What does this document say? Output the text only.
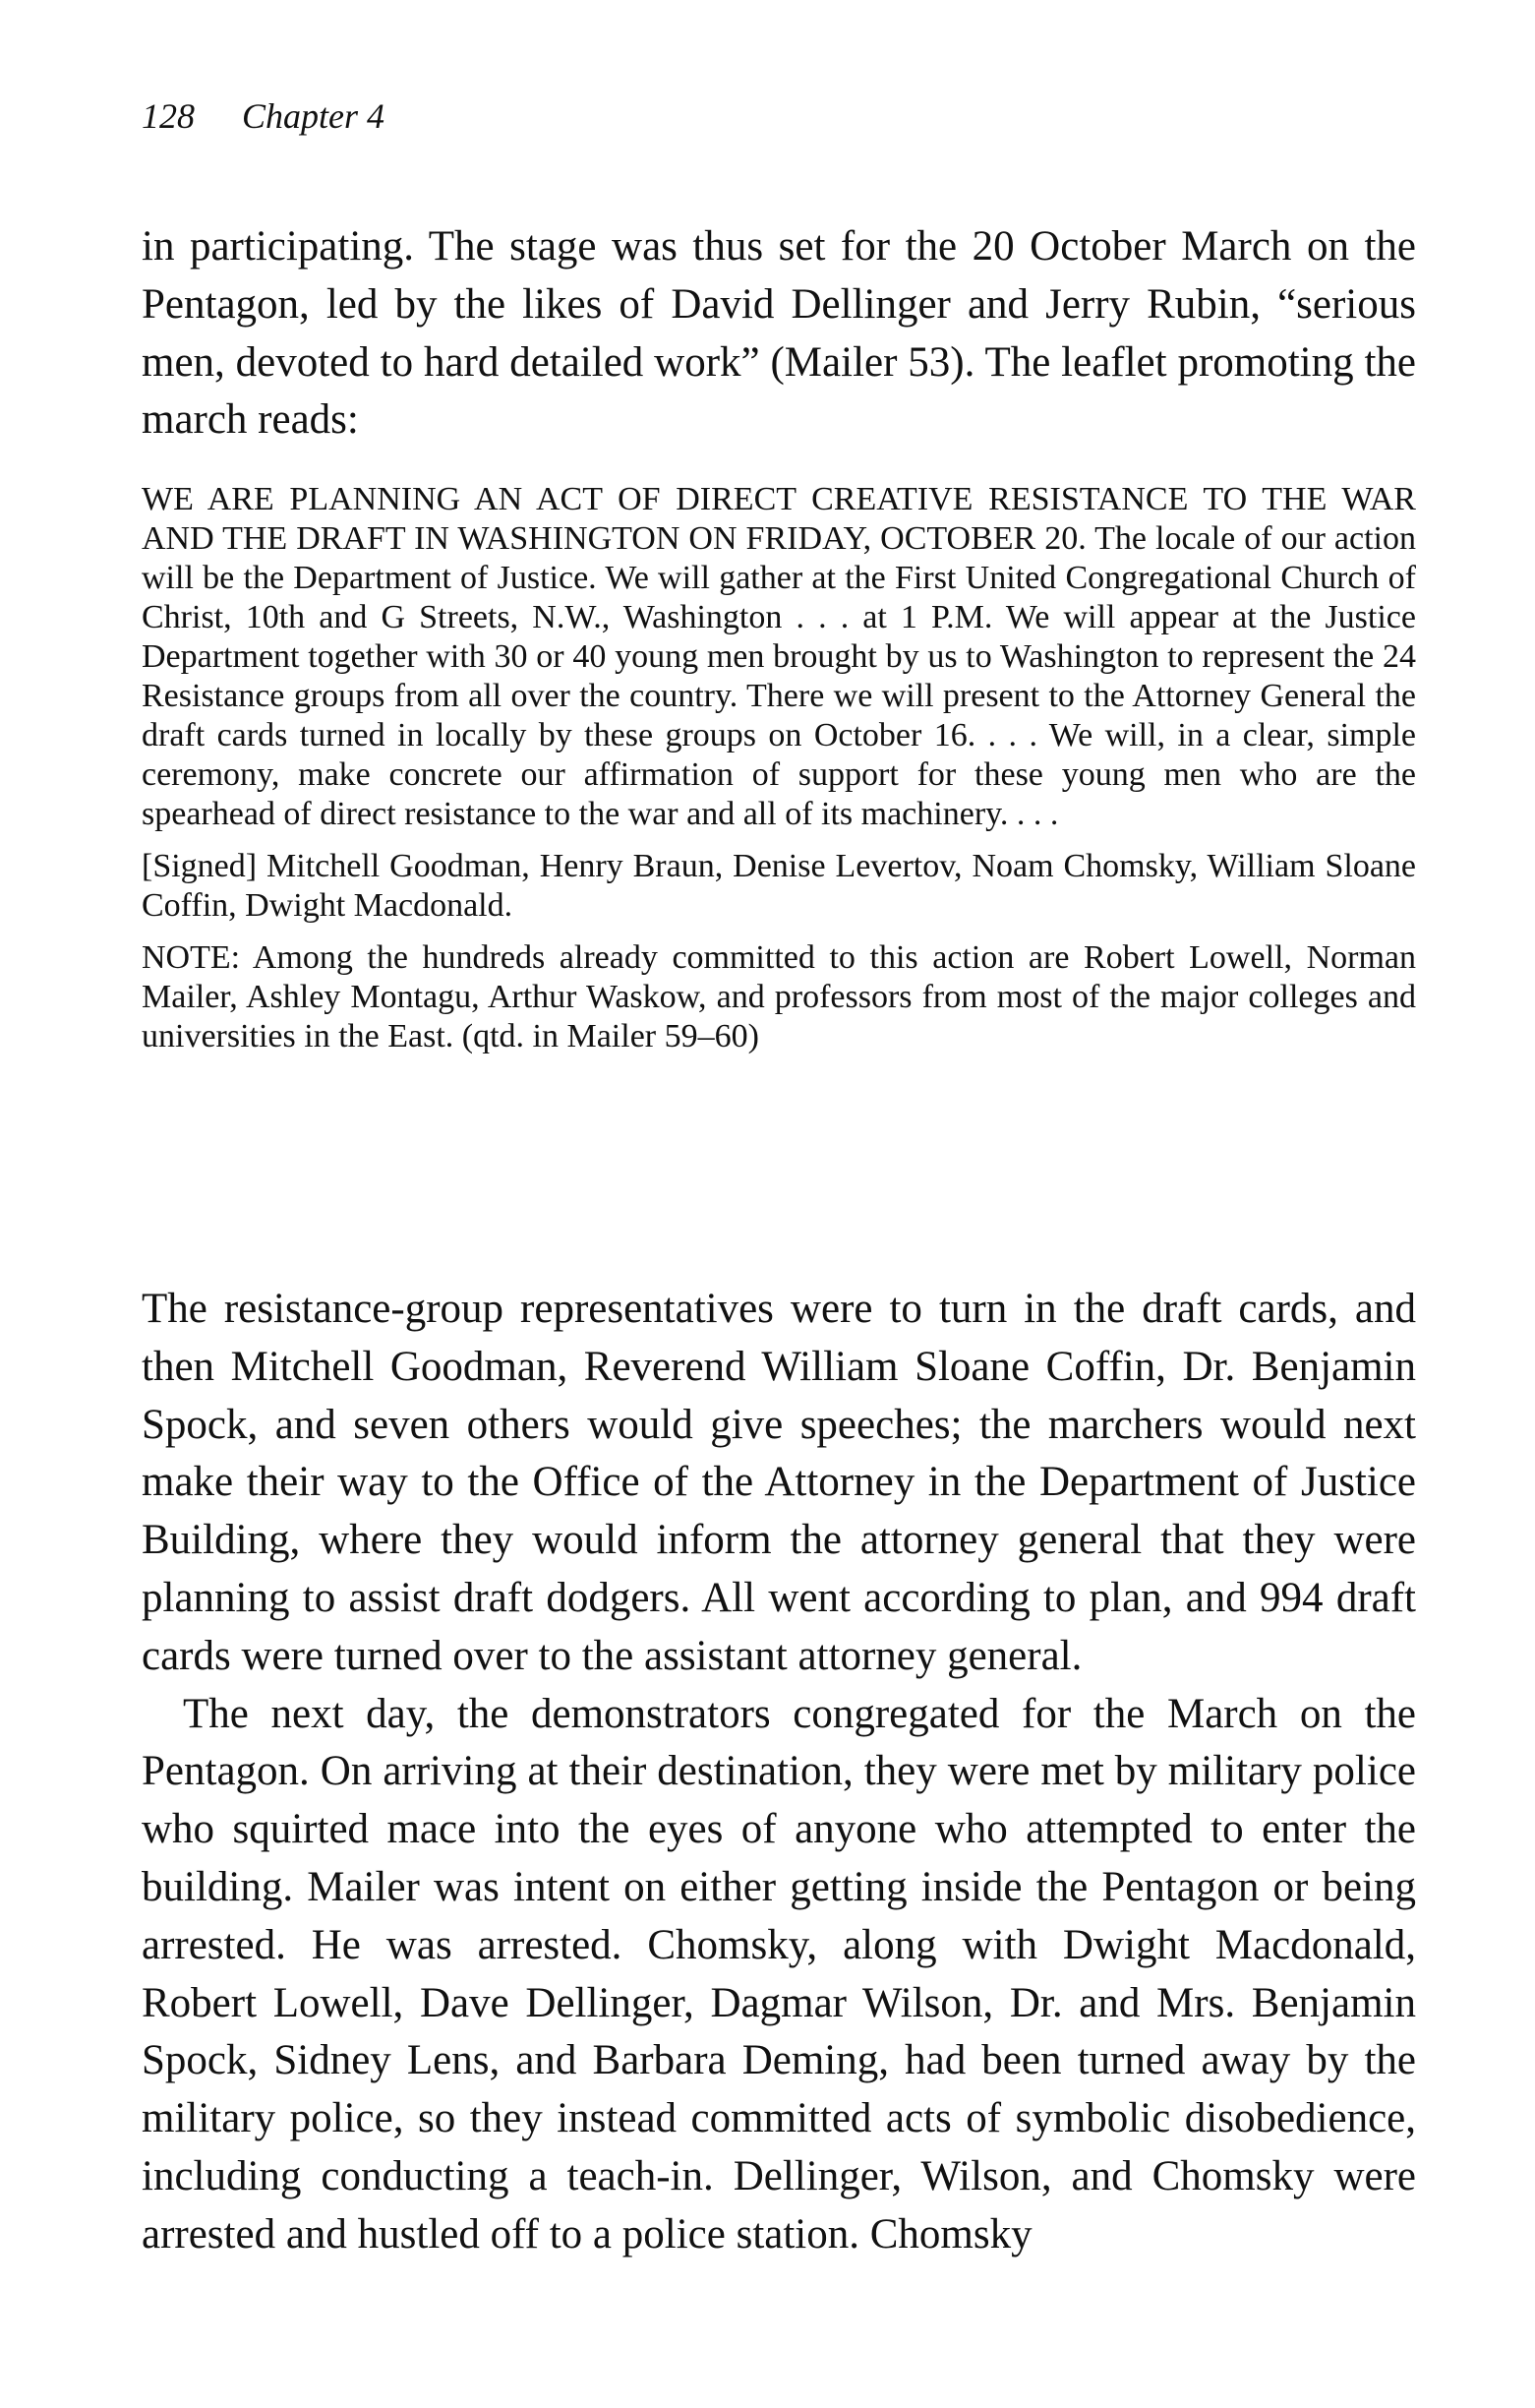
128 Chapter 4

in participating. The stage was thus set for the 20 October March on the Pentagon, led by the likes of David Dellinger and Jerry Rubin, “serious men, devoted to hard detailed work” (Mailer 53). The leaflet promoting the march reads:

WE ARE PLANNING AN ACT OF DIRECT CREATIVE RESISTANCE TO THE WAR AND THE DRAFT IN WASHINGTON ON FRIDAY, OCTOBER 20. The locale of our action will be the Department of Justice. We will gather at the First United Congregational Church of Christ, 10th and G Streets, N.W., Washington . . . at 1 P.M. We will appear at the Justice Department together with 30 or 40 young men brought by us to Washington to represent the 24 Resistance groups from all over the country. There we will present to the Attorney General the draft cards turned in locally by these groups on October 16. . . . We will, in a clear, simple ceremony, make concrete our affirmation of support for these young men who are the spearhead of direct resistance to the war and all of its machinery. . . .

[Signed] Mitchell Goodman, Henry Braun, Denise Levertov, Noam Chomsky, William Sloane Coffin, Dwight Macdonald.

NOTE: Among the hundreds already committed to this action are Robert Lowell, Norman Mailer, Ashley Montagu, Arthur Waskow, and professors from most of the major colleges and universities in the East. (qtd. in Mailer 59–60)

The resistance-group representatives were to turn in the draft cards, and then Mitchell Goodman, Reverend William Sloane Coffin, Dr. Benjamin Spock, and seven others would give speeches; the marchers would next make their way to the Office of the Attorney in the Department of Justice Building, where they would inform the attorney general that they were planning to assist draft dodgers. All went according to plan, and 994 draft cards were turned over to the assistant attorney general.

The next day, the demonstrators congregated for the March on the Pentagon. On arriving at their destination, they were met by military police who squirted mace into the eyes of anyone who attempted to enter the building. Mailer was intent on either getting inside the Pentagon or being arrested. He was arrested. Chomsky, along with Dwight Macdonald, Robert Lowell, Dave Dellinger, Dagmar Wilson, Dr. and Mrs. Benjamin Spock, Sidney Lens, and Barbara Deming, had been turned away by the military police, so they instead committed acts of symbolic disobedience, including conducting a teach-in. Dellinger, Wilson, and Chomsky were arrested and hustled off to a police station. Chomsky
